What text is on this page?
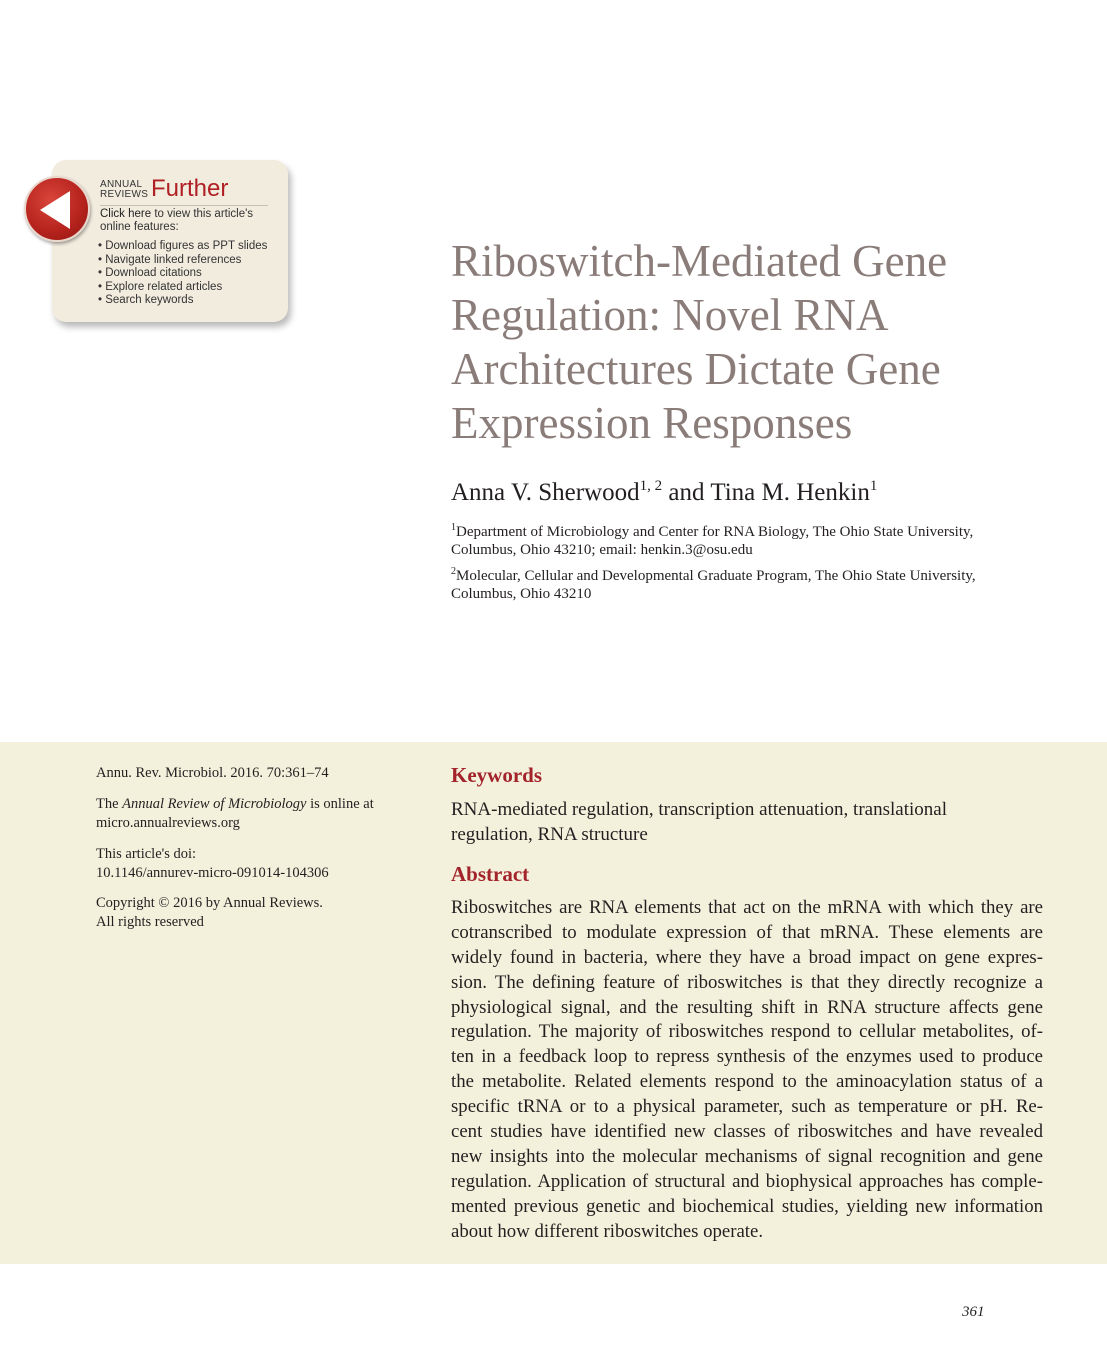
ANNUAL REVIEWS Further
Click here to view this article's online features:
• Download figures as PPT slides
• Navigate linked references
• Download citations
• Explore related articles
• Search keywords
Riboswitch-Mediated Gene
Regulation: Novel RNA
Architectures Dictate Gene
Expression Responses
Anna V. Sherwood$^{1, 2}$ and Tina M. Henkin$^1$
$^1$Department of Microbiology and Center for RNA Biology, The Ohio State University,
Columbus, Ohio 43210; email: henkin.3@osu.edu
$^2$Molecular, Cellular and Developmental Graduate Program, The Ohio State University,
Columbus, Ohio 43210
Annu. Rev. Microbiol. 2016. 70:361–74
The Annual Review of Microbiology is online at
micro.annualreviews.org
This article's doi:
10.1146/annurev-micro-091014-104306
Copyright © 2016 by Annual Reviews.
All rights reserved
Keywords
RNA-mediated regulation, transcription attenuation, translational
regulation, RNA structure
Abstract
Riboswitches are RNA elements that act on the mRNA with which they are
cotranscribed to modulate expression of that mRNA. These elements are
widely found in bacteria, where they have a broad impact on gene expres-
sion. The defining feature of riboswitches is that they directly recognize a
physiological signal, and the resulting shift in RNA structure affects gene
regulation. The majority of riboswitches respond to cellular metabolites, of-
ten in a feedback loop to repress synthesis of the enzymes used to produce
the metabolite. Related elements respond to the aminoacylation status of a
specific tRNA or to a physical parameter, such as temperature or pH. Re-
cent studies have identified new classes of riboswitches and have revealed
new insights into the molecular mechanisms of signal recognition and gene
regulation. Application of structural and biophysical approaches has comple-
mented previous genetic and biochemical studies, yielding new information
about how different riboswitches operate.
361
